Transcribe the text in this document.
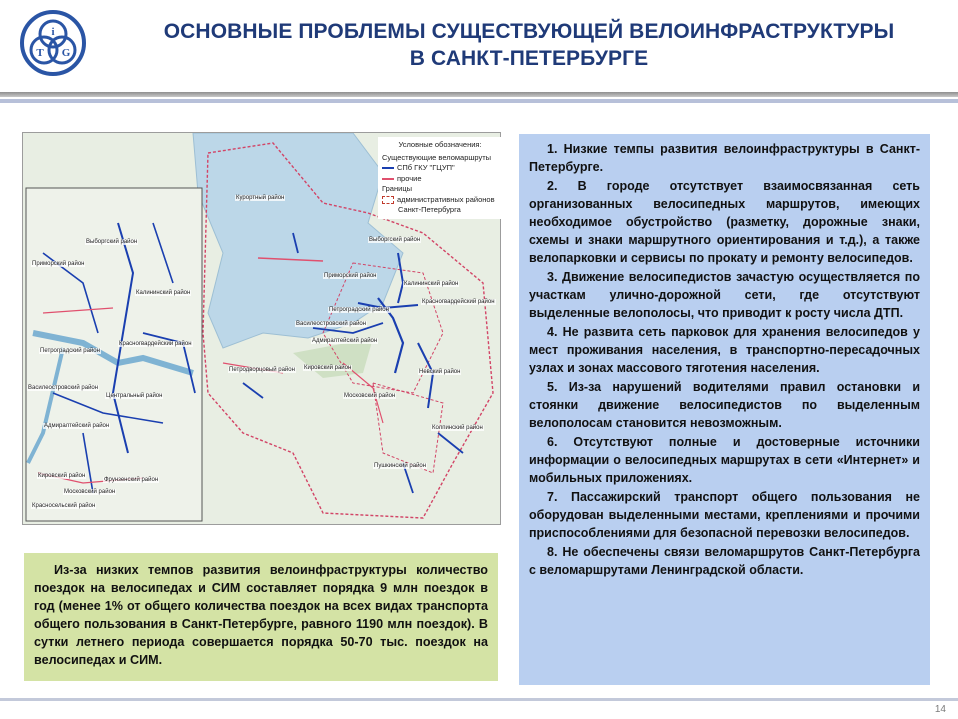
i
T G
ОСНОВНЫЕ ПРОБЛЕМЫ СУЩЕСТВУЮЩЕЙ ВЕЛОИНФРАСТРУКТУРЫ
В САНКТ-ПЕТЕРБУРГЕ
Курортный район
Выборгский район
Выборгский район
Приморский район
Приморский район
Калининский район
Калининский район
Красногвардейский район
Красногвардейский район
Петроградский район
Петроградский район
Василеостровский район
Василеостровский район
Центральный район
Адмиралтейский район
Адмиралтейский район
Кировский район
Кировский район
Фрунзенский район
Московский район
Московский район
Красносельский район
Невский район
Петродворцовый район
Колпинский район
Пушкинский район
Условные обозначения:
Существующие веломаршруты
СПб ГКУ "ГЦУП"
прочие
Границы
административных районов
Санкт-Петербурга
Из-за низких темпов развития велоинфраструктуры количество поездок на велосипедах и СИМ составляет порядка 9 млн поездок в год (менее 1% от общего количества поездок на всех видах транспорта общего пользования в Санкт-Петербурге, равного 1190 млн поездок). В сутки летнего периода совершается порядка 50-70 тыс. поездок на велосипедах и СИМ.

1. Низкие темпы развития велоинфраструктуры в Санкт-Петербурге.

2. В городе отсутствует взаимосвязанная сеть организованных велосипедных маршрутов, имеющих необходимое обустройство (разметку, дорожные знаки, схемы и знаки маршрутного ориентирования и т.д.), а также велопарковки и сервисы по прокату и ремонту велосипедов.

3. Движение велосипедистов зачастую осуществляется по участкам улично-дорожной сети, где отсутствуют выделенные велополосы, что приводит к росту числа ДТП.

4. Не развита сеть парковок для хранения велосипедов у мест проживания населения, в транспортно-пересадочных узлах и зонах массового тяготения населения.

5. Из-за нарушений водителями правил остановки и стоянки движение велосипедистов по выделенным велополосам становится невозможным.

6. Отсутствуют полные и достоверные источники информации о велосипедных маршрутах в сети «Интернет» и мобильных приложениях.

7. Пассажирский транспорт общего пользования не оборудован выделенными местами, креплениями и прочими приспособлениями для безопасной перевозки велосипедов.

8. Не обеспечены связи веломаршрутов Санкт-Петербурга с веломаршрутами Ленинградской области.

14
